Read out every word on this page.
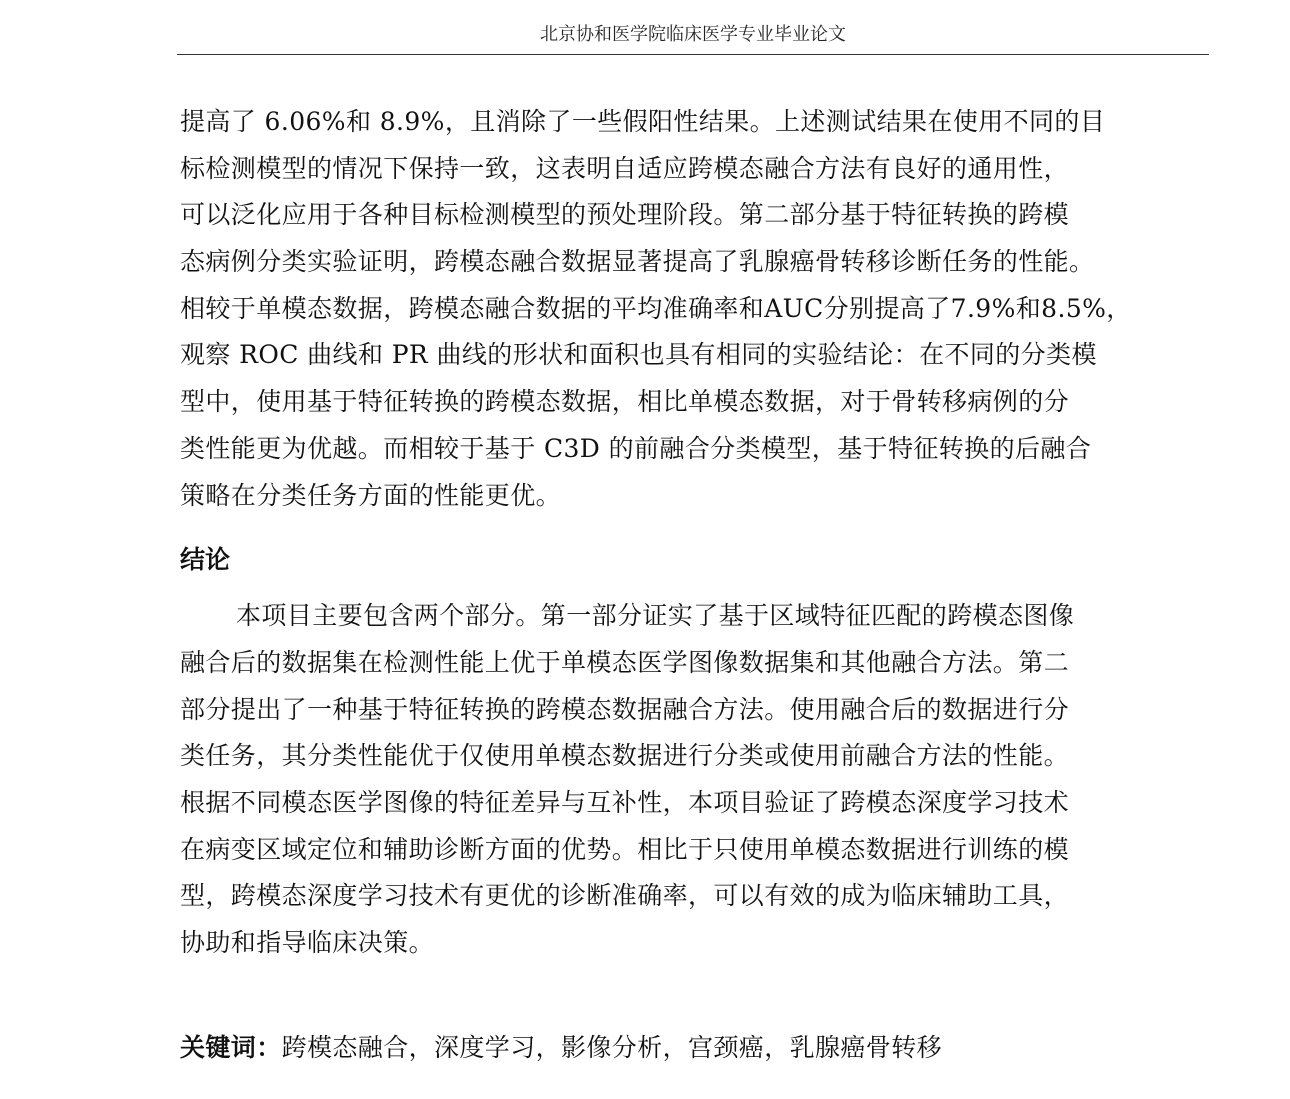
北京协和医学院临床医学专业毕业论文
提高了 6.06%和 8.9%，且消除了一些假阳性结果。上述测试结果在使用不同的目
标检测模型的情况下保持一致，这表明自适应跨模态融合方法有良好的通用性，
可以泛化应用于各种目标检测模型的预处理阶段。第二部分基于特征转换的跨模
态病例分类实验证明，跨模态融合数据显著提高了乳腺癌骨转移诊断任务的性能。
相较于单模态数据，跨模态融合数据的平均准确率和AUC分别提高了7.9%和8.5%，
观察 ROC 曲线和 PR 曲线的形状和面积也具有相同的实验结论：在不同的分类模
型中，使用基于特征转换的跨模态数据，相比单模态数据，对于骨转移病例的分
类性能更为优越。而相较于基于 C3D 的前融合分类模型，基于特征转换的后融合
策略在分类任务方面的性能更优。
结论
本项目主要包含两个部分。第一部分证实了基于区域特征匹配的跨模态图像
融合后的数据集在检测性能上优于单模态医学图像数据集和其他融合方法。第二
部分提出了一种基于特征转换的跨模态数据融合方法。使用融合后的数据进行分
类任务，其分类性能优于仅使用单模态数据进行分类或使用前融合方法的性能。
根据不同模态医学图像的特征差异与互补性，本项目验证了跨模态深度学习技术
在病变区域定位和辅助诊断方面的优势。相比于只使用单模态数据进行训练的模
型，跨模态深度学习技术有更优的诊断准确率，可以有效的成为临床辅助工具，
协助和指导临床决策。
关键词：跨模态融合，深度学习，影像分析，宫颈癌，乳腺癌骨转移
